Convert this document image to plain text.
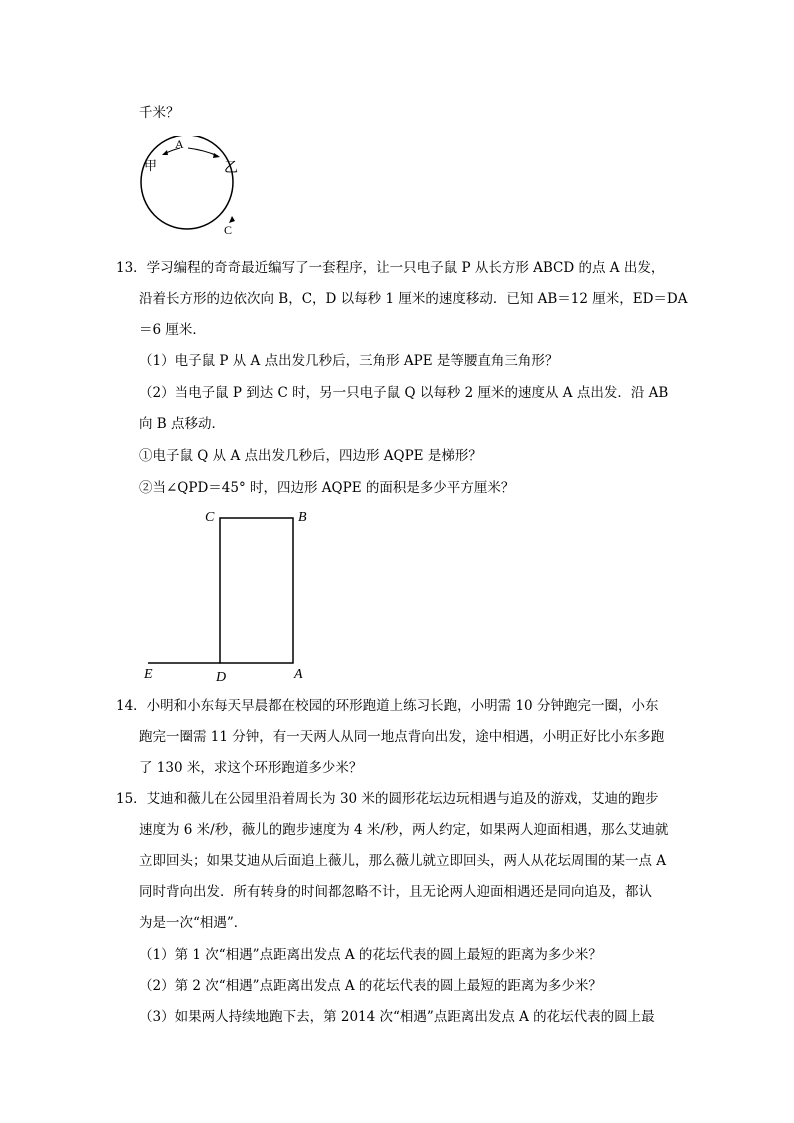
千米？
甲
A
乙
C
13．学习编程的奇奇最近编写了一套程序，让一只电子鼠 P 从长方形 ABCD 的点 A 出发，
沿着长方形的边依次向 B，C，D 以每秒 1 厘米的速度移动．已知 AB＝12 厘米，ED＝DA
＝6 厘米．
（1）电子鼠 P 从 A 点出发几秒后，三角形 APE 是等腰直角三角形？
（2）当电子鼠 P 到达 C 时，另一只电子鼠 Q 以每秒 2 厘米的速度从 A 点出发．沿 AB
向 B 点移动．
①电子鼠 Q 从 A 点出发几秒后，四边形 AQPE 是梯形？
②当∠QPD＝45° 时，四边形 AQPE 的面积是多少平方厘米？
C	B
E	D	A
14．小明和小东每天早晨都在校园的环形跑道上练习长跑，小明需 10 分钟跑完一圈，小东
跑完一圈需 11 分钟，有一天两人从同一地点背向出发，途中相遇，小明正好比小东多跑
了 130 米，求这个环形跑道多少米？
15．艾迪和薇儿在公园里沿着周长为 30 米的圆形花坛边玩相遇与追及的游戏，艾迪的跑步
速度为 6 米/秒，薇儿的跑步速度为 4 米/秒，两人约定，如果两人迎面相遇，那么艾迪就
立即回头；如果艾迪从后面追上薇儿，那么薇儿就立即回头，两人从花坛周围的某一点 A
同时背向出发．所有转身的时间都忽略不计，且无论两人迎面相遇还是同向追及，都认
为是一次“相遇”．
（1）第 1 次“相遇”点距离出发点 A 的花坛代表的圆上最短的距离为多少米？
（2）第 2 次“相遇”点距离出发点 A 的花坛代表的圆上最短的距离为多少米？
（3）如果两人持续地跑下去，第 2014 次“相遇”点距离出发点 A 的花坛代表的圆上最
